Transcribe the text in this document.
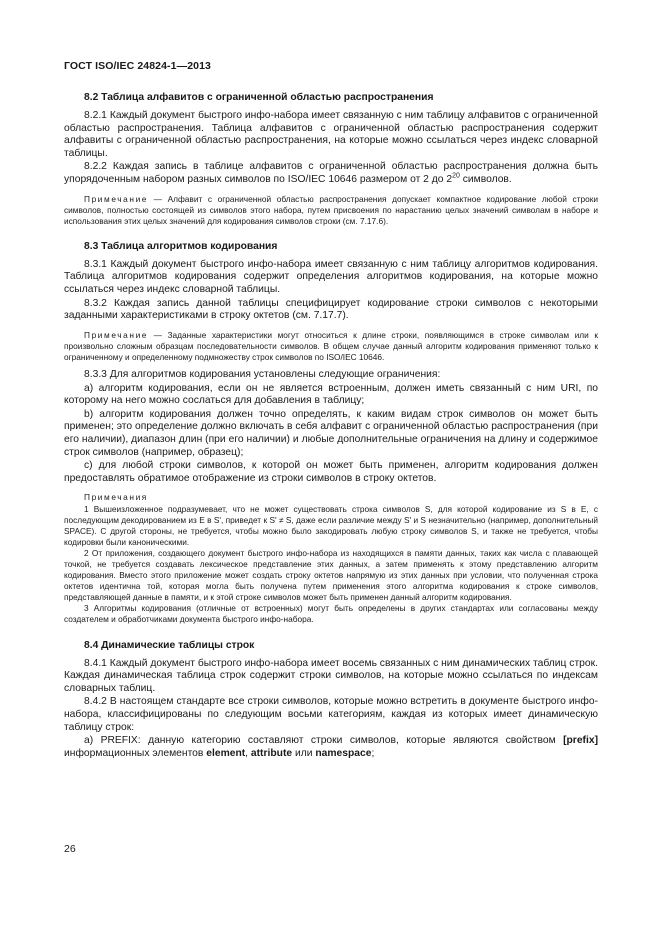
ГОСТ ISO/IEC 24824-1—2013
8.2 Таблица алфавитов с ограниченной областью распространения

8.2.1 Каждый документ быстрого инфо-набора имеет связанную с ним таблицу алфавитов с ограниченной областью распространения. Таблица алфавитов с ограниченной областью распространения содержит алфавиты с ограниченной областью распространения, на которые можно ссылаться через индекс словарной таблицы.

8.2.2 Каждая запись в таблице алфавитов с ограниченной областью распространения должна быть упорядоченным набором разных символов по ISO/IEC 10646 размером от 2 до $2^{20}$ символов.

Примечание — Алфавит с ограниченной областью распространения допускает компактное кодирование любой строки символов, полностью состоящей из символов этого набора, путем присвоения по нарастанию целых значений символам в наборе и использования этих целых значений для кодирования символов строки (см. 7.17.6).

8.3 Таблица алгоритмов кодирования

8.3.1 Каждый документ быстрого инфо-набора имеет связанную с ним таблицу алгоритмов кодирования. Таблица алгоритмов кодирования содержит определения алгоритмов кодирования, на которые можно ссылаться через индекс словарной таблицы.

8.3.2 Каждая запись данной таблицы специфицирует кодирование строки символов с некоторыми заданными характеристиками в строку октетов (см. 7.17.7).

Примечание — Заданные характеристики могут относиться к длине строки, появляющимся в строке символам или к произвольно сложным образцам последовательности символов. В общем случае данный алгоритм кодирования применяют только к ограниченному и определенному подмножеству строк символов по ISO/IEC 10646.

8.3.3 Для алгоритмов кодирования установлены следующие ограничения:

а) алгоритм кодирования, если он не является встроенным, должен иметь связанный с ним URI, по которому на него можно сослаться для добавления в таблицу;

b) алгоритм кодирования должен точно определять, к каким видам строк символов он может быть применен; это определение должно включать в себя алфавит с ограниченной областью распространения (при его наличии), диапазон длин (при его наличии) и любые дополнительные ограничения на длину и содержимое строк символов (например, образец);

с) для любой строки символов, к которой он может быть применен, алгоритм кодирования должен предоставлять обратимое отображение из строки символов в строку октетов.

Примечания

1 Вышеизложенное подразумевает, что не может существовать строка символов S, для которой кодирование из S в E, с последующим декодированием из E в S', приведет к S' ≠ S, даже если различие между S' и S незначительно (например, дополнительный SPACE). С другой стороны, не требуется, чтобы можно было закодировать любую строку символов S, и также не требуется, чтобы кодировки были каноническими.

2 От приложения, создающего документ быстрого инфо-набора из находящихся в памяти данных, таких как числа с плавающей точкой, не требуется создавать лексическое представление этих данных, а затем применять к этому представлению алгоритм кодирования. Вместо этого приложение может создать строку октетов напрямую из этих данных при условии, что полученная строка октетов идентична той, которая могла быть получена путем применения этого алгоритма кодирования к строке символов, представляющей данные в памяти, и к этой строке символов может быть применен данный алгоритм кодирования.

3 Алгоритмы кодирования (отличные от встроенных) могут быть определены в других стандартах или согласованы между создателем и обработчиками документа быстрого инфо-набора.

8.4 Динамические таблицы строк

8.4.1 Каждый документ быстрого инфо-набора имеет восемь связанных с ним динамических таблиц строк. Каждая динамическая таблица строк содержит строки символов, на которые можно ссылаться по индексам словарных таблиц.

8.4.2 В настоящем стандарте все строки символов, которые можно встретить в документе быстрого инфо-набора, классифицированы по следующим восьми категориям, каждая из которых имеет динамическую таблицу строк:

а) PREFIX: данную категорию составляют строки символов, которые являются свойством [prefix] информационных элементов element, attribute или namespace;

26
